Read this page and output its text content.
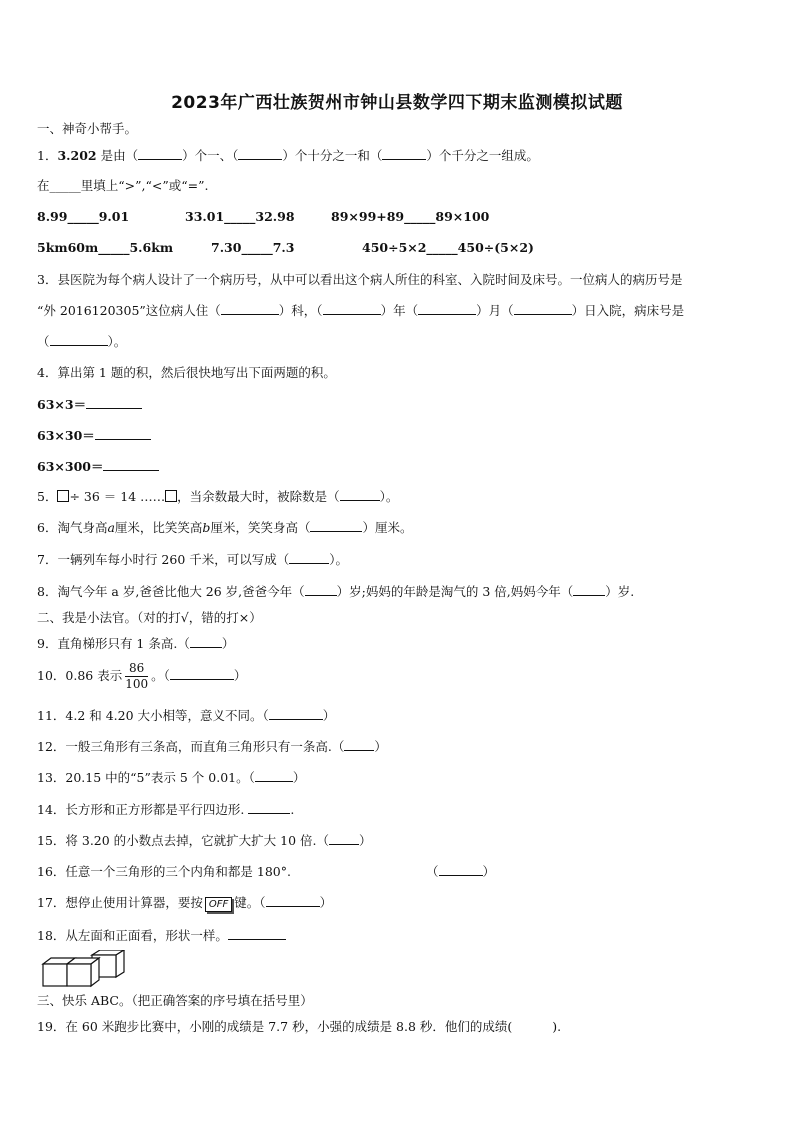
2023年广西壮族贺州市钟山县数学四下期末监测模拟试题
一、神奇小帮手。
1．3.202 是由（	）个一、（	）个十分之一和（	）个千分之一组成。
在_____里填上“>”,“<”或“=”.
8.99_____9.01	33.01_____32.98	89×99+89_____89×100
5km60m_____5.6km	7.30_____7.3	450÷5×2_____450÷(5×2)
3．县医院为每个病人设计了一个病历号，从中可以看出这个病人所住的科室、入院时间及床号。一位病人的病历号是
“外 2016120305”这位病人住（	）科，（	）年（	）月（	）日入院，病床号是
（	）。
4．算出第 1 题的积，然后很快地写出下面两题的积。
63×3＝
63×30＝
63×300＝
5． ÷ 36 ＝ 14 …… ，当余数最大时，被除数是（	）。
6．淘气身高a厘米，比笑笑高b厘米，笑笑身高（	）厘米。
7．一辆列车每小时行 260 千米，可以写成（	）。
8．淘气今年 a 岁,爸爸比他大 26 岁,爸爸今年（	）岁;妈妈的年龄是淘气的 3 倍,妈妈今年（	）岁.
二、我是小法官。（对的打√，错的打×）
9．直角梯形只有 1 条高.（	）
10．0.86 表示 $\frac{86}{100}$ 。（	）
11．4.2 和 4.20 大小相等，意义不同。（	）
12．一般三角形有三条高，而直角三角形只有一条高.（ ）
13．20.15 中的“5”表示 5 个 0.01。（	）
14．长方形和正方形都是平行四边形.	.
15．将 3.20 的小数点去掉，它就扩大扩大 10 倍.（ ）
16．任意一个三角形的三个内角和都是 180°.	（	）
17．想停止使用计算器，要按 OFF 键。（	）
18．从左面和正面看，形状一样。
三、快乐 ABC。（把正确答案的序号填在括号里）
19．在 60 米跑步比赛中，小刚的成绩是 7.7 秒，小强的成绩是 8.8 秒．他们的成绩(	).
